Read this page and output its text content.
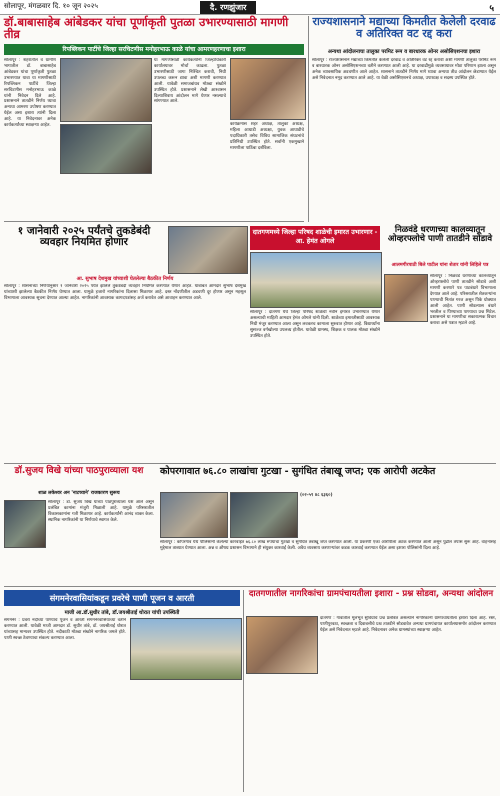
सोलापूर, मंगळवार दि. १० जून २०२५	दै. रणझुंजार	५
डॉ.बाबासाहेब आंबेडकर यांचा पूर्णाकृती पुतळा उभारण्यासाठी मागणी तीव्र
रिपब्लिकन पार्टीचे जिल्हा सरचिटणीस मनोहरभाऊ काळे यांचा आमरणहरणाचा इशारा
सोलापूर : शहरातील व ग्रामीण भागातील डॉ. बाबासाहेब आंबेडकर यांचा पूर्णाकृती पुतळा उभारण्यात यावा या मागणीसाठी रिपब्लिकन पार्टीचे जिल्हा सरचिटणीस मनोहरभाऊ काळे यांनी निवेदन दिले आहे. प्रशासनाने तातडीने निर्णय घ्यावा अन्यथा आमरण उपोषण करण्यात येईल असा इशारा त्यांनी दिला आहे. या निवेदनावर अनेक कार्यकर्त्यांच्या स्वाक्षऱ्या आहेत.
या मागणीसाठी कार्यकर्त्यांनी जिल्हाधिकारी कार्यालयावर मोर्चा काढला. पुतळा उभारणीसाठी जागा निश्चित करावी, निधी उपलब्ध करून द्यावा अशी मागणी करण्यात आली. यावेळी समाजबांधव मोठ्या संख्येने उपस्थित होते. प्रशासनाने लेखी आश्वासन दिल्याशिवाय आंदोलन मागे घेणार नसल्याचे सांगण्यात आले.
कार्यक्रमास शहर अध्यक्ष, तालुका अध्यक्ष, महिला आघाडी अध्यक्षा, युवक आघाडीचे पदाधिकारी तसेच विविध सामाजिक संघटनांचे प्रतिनिधी उपस्थित होते. सर्वांनी एकमुखाने मागणीला पाठिंबा दर्शविला.
राज्यशासनाने मद्याच्या किमतीत केलेली दरवाढ व अतिरिक्त वट रद्द करा
अन्यथा आंदोलनाचा तालुका परमिट रूम व बारधारक ओनर असोसिएशनचा इशारा
सोलापूर : राज्यशासनाने मद्याच्या किमतीत केलेली दरवाढ व अतिरिक्त वट रद्द करावी अशी मागणी तालुका परमिट रूम व बारधारक ओनर असोसिएशनच्या वतीने करण्यात आली आहे. या दरवाढीमुळे व्यवसायावर मोठा परिणाम झाला असून अनेक व्यावसायिक अडचणीत आले आहेत. शासनाने तातडीने निर्णय मागे घ्यावा अन्यथा तीव्र आंदोलन छेडण्यात येईल असे निवेदनात नमूद करण्यात आले आहे. या वेळी असोसिएशनचे अध्यक्ष, उपाध्यक्ष व सदस्य उपस्थित होते.
१ जानेवारी २०२५ पर्यंतचे तुकडेबंदी व्यवहार नियमित होणार
आ. सुभाष देशमुख यांच्याशी घेतलेल्या बैठकीत निर्णय
सोलापूर : शासनाच्या निर्णयानुसार १ जानेवारी २०२५ पर्यंत झालेले तुकडेबंदी व्यवहार नियमित करण्यात येणार आहेत. याबाबत आमदार सुभाष देशमुख यांच्याशी झालेल्या बैठकीत निर्णय घेण्यात आला. यामुळे हजारो नागरिकांना दिलासा मिळणार आहे. दस्त नोंदणीतील अडचणी दूर होणार असून महसूल विभागाला आवश्यक सूचना देण्यात आल्या आहेत. नागरिकांनी आवश्यक कागदपत्रांसह अर्ज करावेत असे आवाहन करण्यात आले.
दातगणमध्ये जिल्हा परिषद शाळेची इमारत उभारणार - आ. हेमंत ओगले
सोलापूर : दातगण येथे जिल्हा परिषद शाळेची नवीन इमारत उभारण्यात येणार असल्याची माहिती आमदार हेमंत ओगले यांनी दिली. शाळेच्या इमारतीसाठी आवश्यक निधी मंजूर करण्यात आला असून लवकरच कामाला सुरुवात होणार आहे. विद्यार्थ्यांना सुसज्ज वर्गखोल्या उपलब्ध होतील. यावेळी ग्रामस्थ, शिक्षक व पालक मोठ्या संख्येने उपस्थित होते.
निळवंडे धरणाच्या कालव्यातून ओव्हरफ्लोचे पाणी तातडीने सोडावे
आलमगीरपाठी बिले पाटील यांना शेतार यांनी लिहिले पत्र
सोलापूर : निळवंडे धरणाच्या कालव्यातून ओव्हरफ्लोचे पाणी तातडीने सोडावे अशी मागणी करणारे पत्र पाटबंधारे विभागाला देण्यात आले आहे. परिसरातील शेतकऱ्यांना पाण्याची नितांत गरज असून पिके धोक्यात आली आहेत. पाणी सोडल्यास बंधारे भरतील व पिण्याच्या पाण्याचा प्रश्न मिटेल. प्रशासनाने या मागणीचा सकारात्मक विचार करावा असे पत्रात म्हटले आहे.
डॉ.सुजय विखे यांच्या पाठपुराव्याला यश
शाळ लकेश्वर अन 'नाटच्याने' राजकारण सुरूच
सोलापूर : डॉ. सुजय विखे यांच्या पाठपुराव्याला यश आले असून प्रलंबित कामांना मंजुरी मिळाली आहे. यामुळे परिसरातील विकासकामांना गती मिळणार आहे. कार्यकर्त्यांनी आनंद व्यक्त केला. स्थानिक नागरिकांनी या निर्णयाचे स्वागत केले.
कोपरगावात ७६.८० लाखांचा गुटखा - सुगंधित तंबाखू जप्त; एक आरोपी अटकेत
(०२-५९ ४८ ६३६०)
सोलापूर : कोपरगाव येथे पोलिसांनी केलेल्या कारवाईत ७६.८० लाख रुपयांचा गुटखा व सुगंधित तंबाखू जप्त करण्यात आली. या प्रकरणी एका आरोपीला अटक करण्यात आली असून पुढील तपास सुरू आहे. वाहनासह मुद्देमाल ताब्यात घेण्यात आला. अन्न व औषध प्रशासन विभागाने ही संयुक्त कारवाई केली. अवैध व्यवसाय करणाऱ्यांवर कडक कारवाई करण्यात येईल असा इशारा पोलिसांनी दिला आहे.
संगमनेरवासियांकडून प्रवरेचे पाणी पूजन व आरती
माजी आ.डॉ.सुधीर तांबे, डॉ.जयश्रीताई थोरात यांची उपस्थिती
संगमनेर : प्रवरा नदीच्या पाण्याचे पूजन व आरती संगमनेरवासियांच्या वतीने करण्यात आली. यावेळी माजी आमदार डॉ. सुधीर तांबे, डॉ. जयश्रीताई थोरात यांच्यासह मान्यवर उपस्थित होते. नदीकाठी मोठ्या संख्येने नागरिक जमले होते. पाणी स्वच्छ ठेवण्याचा संकल्प करण्यात आला.
दातगणातील नागरिकांचा ग्रामपंचायतीला इशारा - प्रश्न सोडवा, अन्यथा आंदोलन
दातगण : गावातील मूलभूत सुविधांचे प्रश्न प्रलंबित असल्याने नागरिकांनी ग्रामपंचायतीला इशारा दिला आहे. रस्ते, पाणीपुरवठा, स्वच्छता व दिवाबत्तीचे प्रश्न तातडीने सोडवावेत अन्यथा ग्रामपंचायत कार्यालयासमोर आंदोलन करण्यात येईल असे निवेदनात म्हटले आहे. निवेदनावर अनेक ग्रामस्थांच्या स्वाक्षऱ्या आहेत.
